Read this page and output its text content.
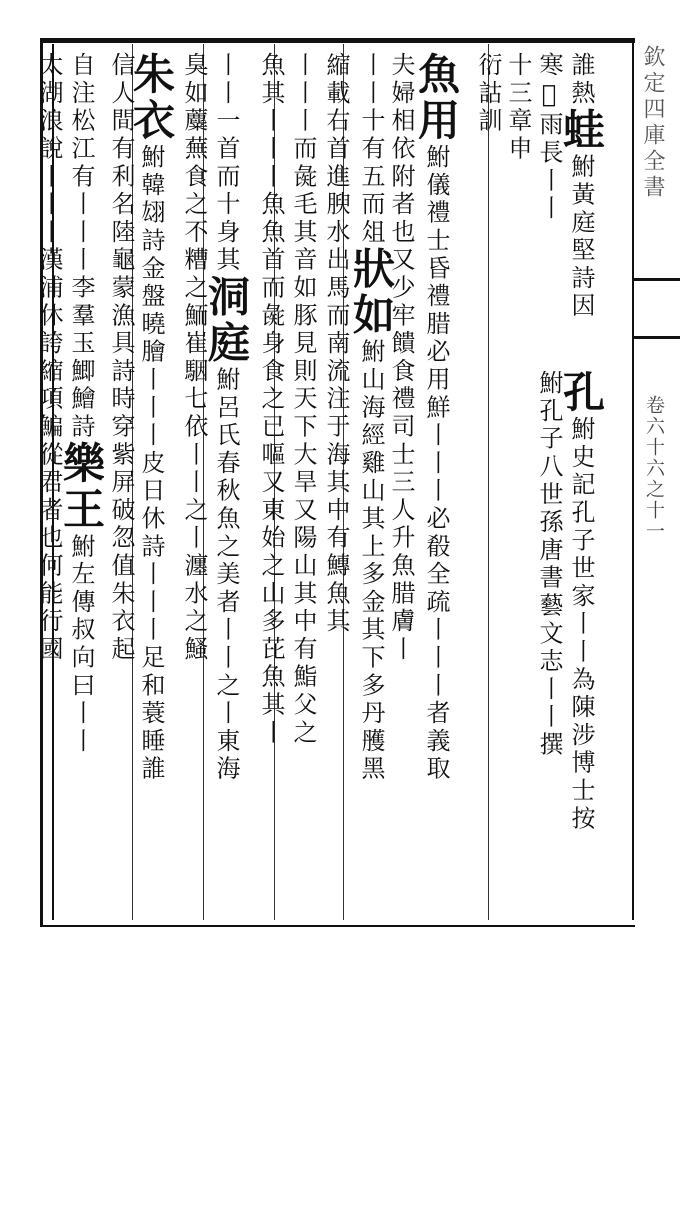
欽定四庫全書
卷六十六之十一
誰熱蛙鮒黃庭堅詩因
寒𤼵雨長丨丨
孔鮒史記孔子世家丨丨為陳涉博士按
鮒孔子八世孫唐書藝文志丨丨撰
十三章申
衍詁訓
魚用鮒儀禮士昏禮腊必用鮮丨丨丨必殽全疏丨丨丨者義取
夫婦相依附者也又少牢饋食禮司士三人升魚腊膚丨
丨丨十有五而俎狀如鮒山海經雞山其上多金其下多丹雘黑
縮載右首進腴水出馬而南流注于海其中有鱄魚其
丨丨丨而彘毛其音如豚見則天下大旱又陽山其中有鮨父之
魚其丨丨丨魚魚首而彘身食之已嘔又東始之山多芘魚其丨
丨丨一首而十身其洞庭鮒呂氏春秋魚之美者丨丨之丨東海
臭如蘪蕪食之不糟之鮞崔駰七依丨丨之丨瀍水之鰠
朱衣鮒韓翃詩金盤曉膾丨丨丨皮日休詩丨丨丨足和蓑睡誰
信人間有利名陸龜蒙漁具詩時穿紫屏破忽值朱衣起
自注松江有丨丨丨李羣玉鯽鱠詩樂王鮒左傳叔向曰丨丨
太湖浪說丨丨丨漢浦休誇縮項鯿從君者也何能行國
